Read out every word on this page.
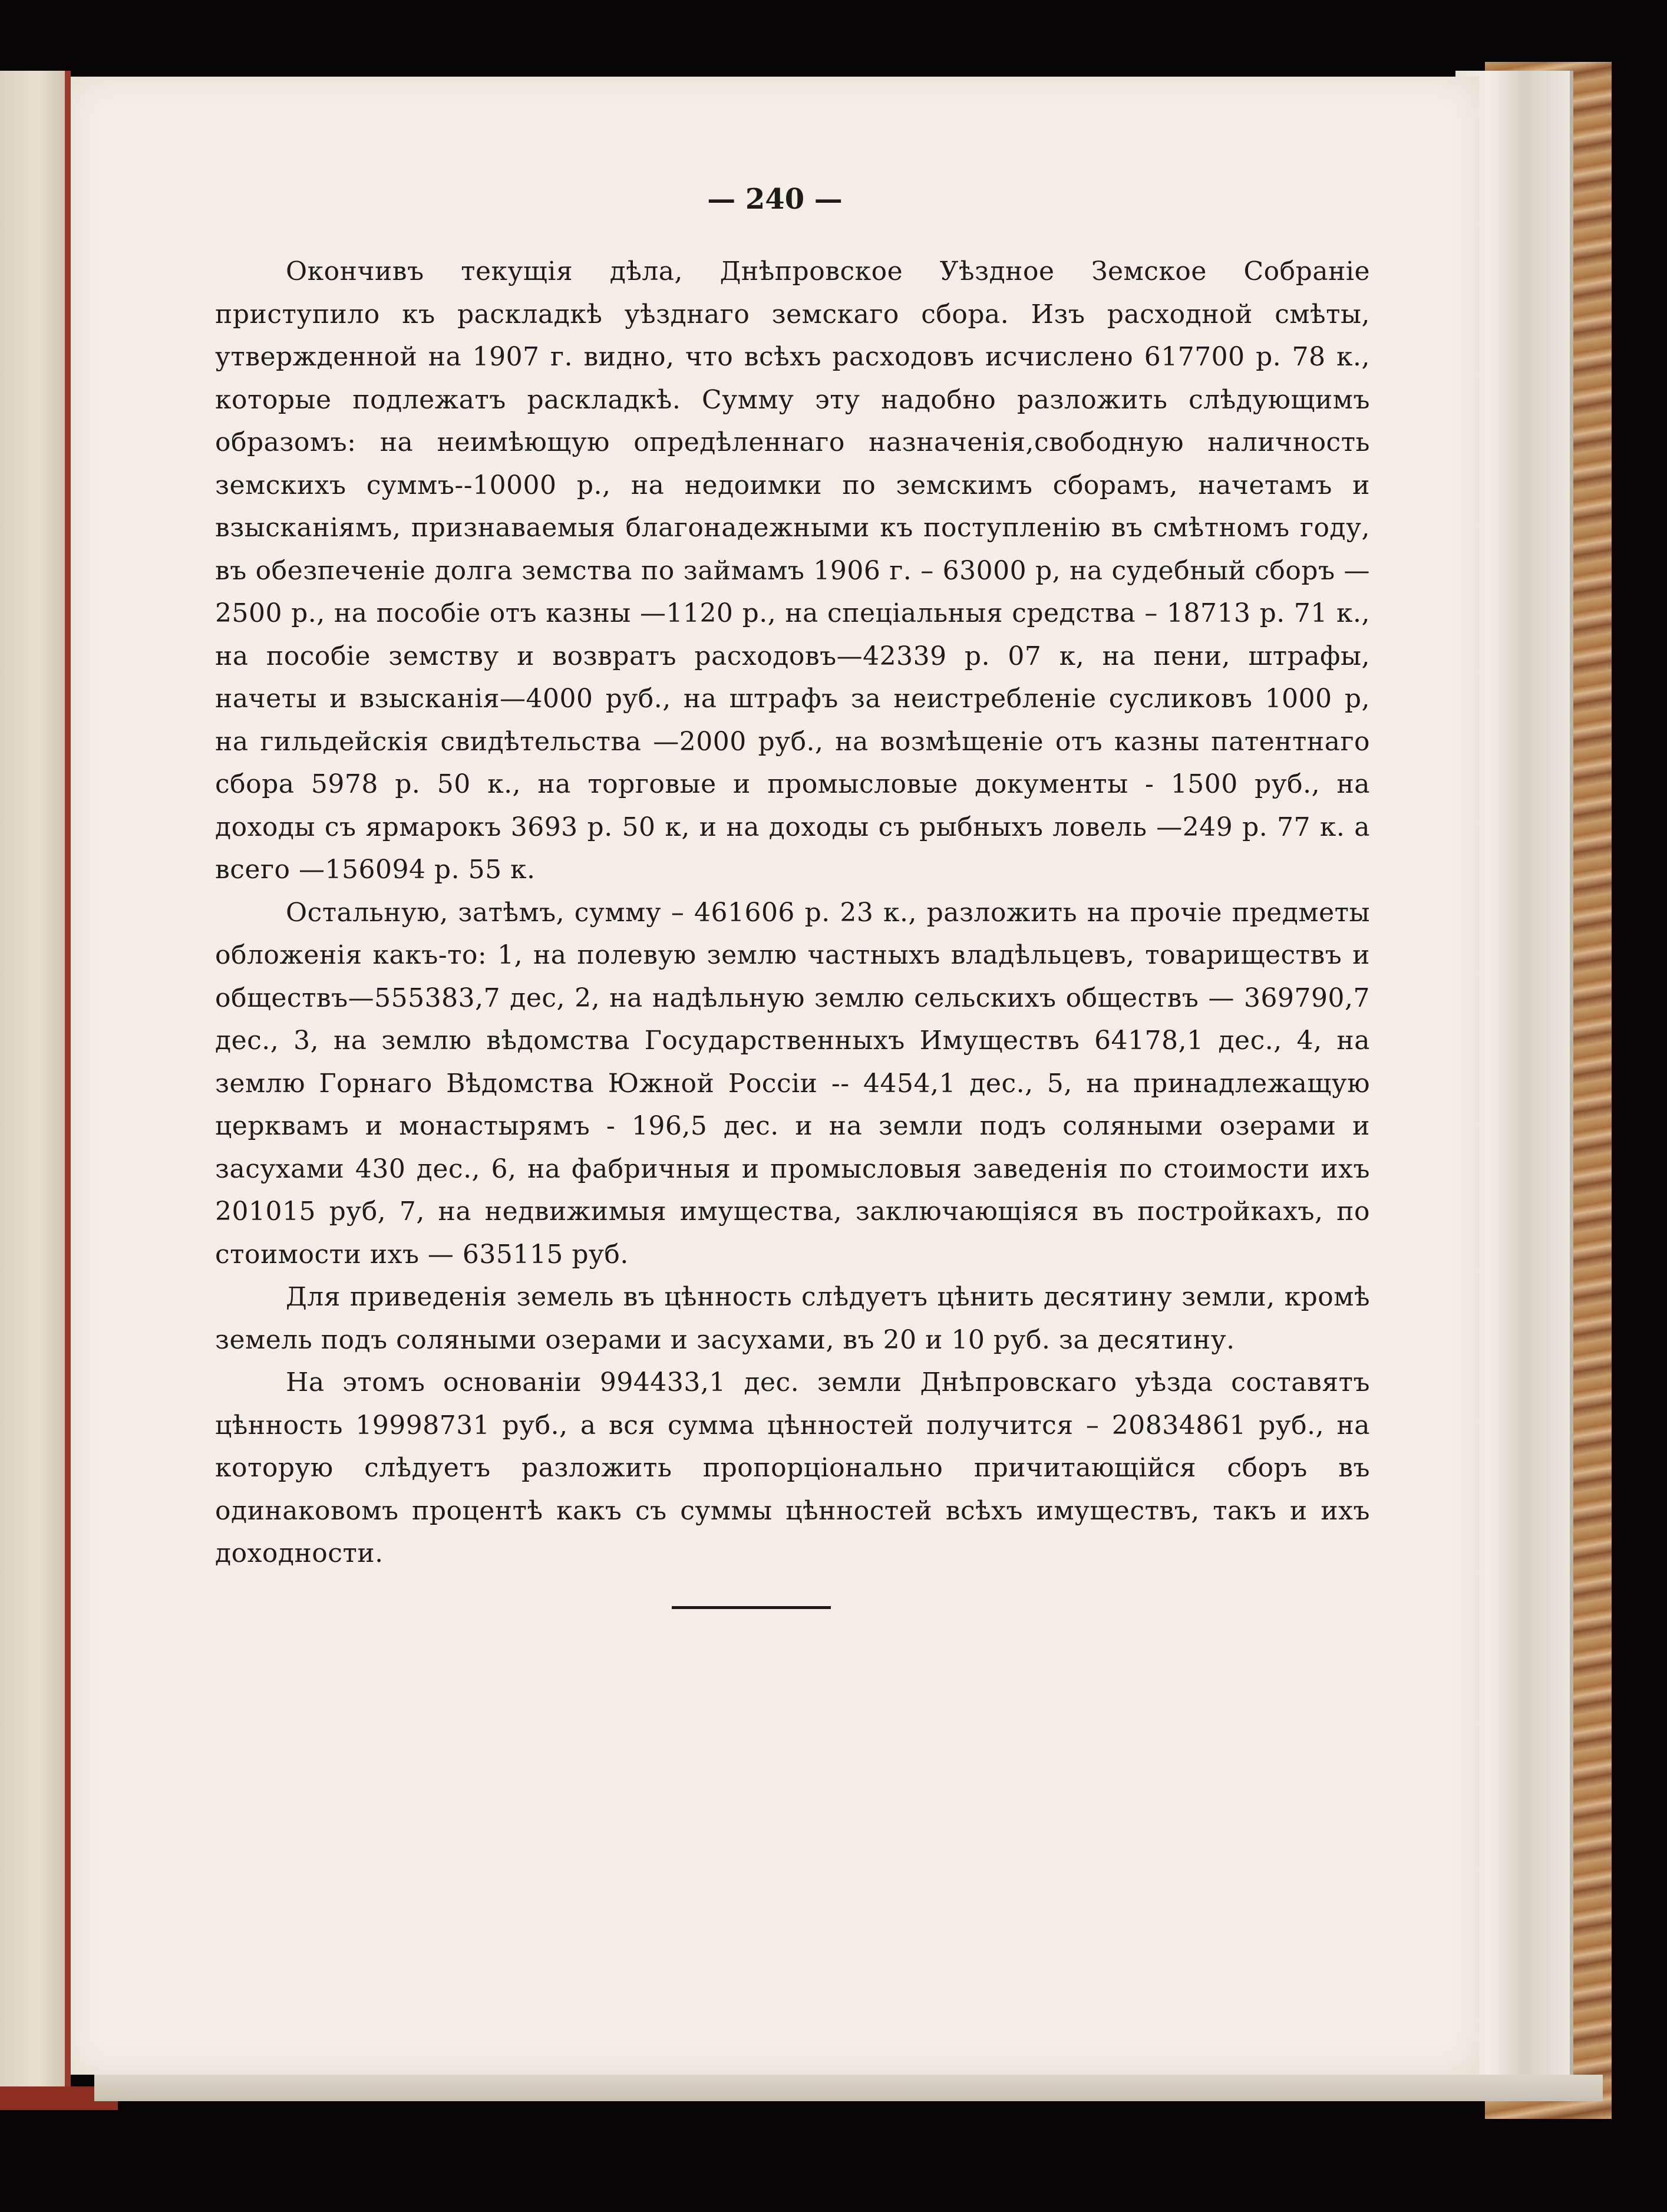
— 240 —

Окончивъ текущія дѣла, Днѣпровское Уѣздное Земское Собраніе приступило къ раскладкѣ уѣзднаго земскаго сбора. Изъ расходной смѣты, утвержденной на 1907 г. видно, что всѣхъ расходовъ исчислено 617700 р. 78 к., которые подлежатъ раскладкѣ. Сумму эту надобно разложить слѣдующимъ образомъ: на неимѣющую опредѣленнаго назначенія,свободную наличность земскихъ суммъ--10000 р., на недоимки по земскимъ сборамъ, начетамъ и взысканіямъ, признаваемыя благонадежными къ поступленію въ смѣтномъ году, въ обезпеченіе долга земства по займамъ 1906 г. – 63000 р, на судебный сборъ —2500 р., на пособіе отъ казны —1120 р., на спеціальныя средства – 18713 р. 71 к., на пособіе земству и возвратъ расходовъ—42339 р. 07 к, на пени, штрафы, начеты и взысканія—4000 руб., на штрафъ за неистребленіе сусликовъ 1000 р, на гильдейскія свидѣтельства —2000 руб., на возмѣщеніе отъ казны патентнаго сбора 5978 р. 50 к., на торговые и промысловые документы - 1500 руб., на доходы съ ярмарокъ 3693 р. 50 к, и на доходы съ рыбныхъ ловель —249 р. 77 к. а всего —156094 р. 55 к.

Остальную, затѣмъ, сумму – 461606 р. 23 к., разложить на прочіе предметы обложенія какъ-то: 1, на полевую землю частныхъ владѣльцевъ, товариществъ и обществъ—555383,7 дес, 2, на надѣльную землю сельскихъ обществъ — 369790,7 дес., 3, на землю вѣдомства Государственныхъ Имуществъ 64178,1 дес., 4, на землю Горнаго Вѣдомства Южной Россіи -- 4454,1 дес., 5, на принадлежащую церквамъ и монастырямъ - 196,5 дес. и на земли подъ соляными озерами и засухами 430 дес., 6, на фабричныя и промысловыя заведенія по стоимости ихъ 201015 руб, 7, на недвижимыя имущества, заключающіяся въ постройкахъ, по стоимости ихъ — 635115 руб.

Для приведенія земель въ цѣнность слѣдуетъ цѣнить десятину земли, кромѣ земель подъ соляными озерами и засухами, въ 20 и 10 руб. за десятину.

На этомъ основаніи 994433,1 дес. земли Днѣпровскаго уѣзда составятъ цѣнность 19998731 руб., а вся сумма цѣнностей получится – 20834861 руб., на которую слѣдуетъ разложить пропорціонально причитающійся сборъ въ одинаковомъ процентѣ какъ съ суммы цѣнностей всѣхъ имуществъ, такъ и ихъ доходности.
